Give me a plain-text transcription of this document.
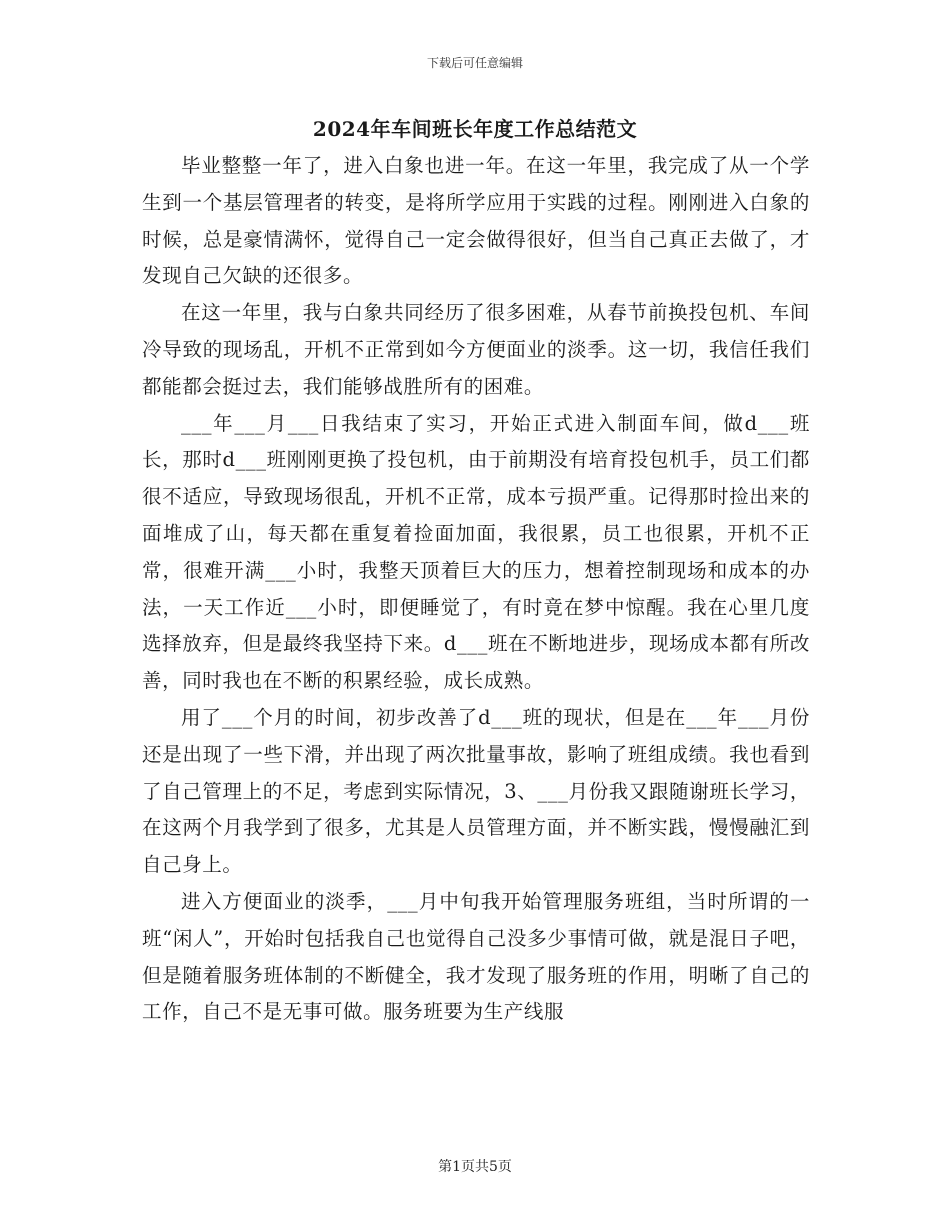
下载后可任意编辑
2024年车间班长年度工作总结范文

毕业整整一年了，进入白象也进一年。在这一年里，我完成了从一个学生到一个基层管理者的转变，是将所学应用于实践的过程。刚刚进入白象的时候，总是豪情满怀，觉得自己一定会做得很好，但当自己真正去做了，才发现自己欠缺的还很多。

在这一年里，我与白象共同经历了很多困难，从春节前换投包机、车间冷导致的现场乱，开机不正常到如今方便面业的淡季。这一切，我信任我们都能都会挺过去，我们能够战胜所有的困难。

___年___月___日我结束了实习，开始正式进入制面车间，做d___班长，那时d___班刚刚更换了投包机，由于前期没有培育投包机手，员工们都很不适应，导致现场很乱，开机不正常，成本亏损严重。记得那时捡出来的面堆成了山，每天都在重复着捡面加面，我很累，员工也很累，开机不正常，很难开满___小时，我整天顶着巨大的压力，想着控制现场和成本的办法，一天工作近___小时，即便睡觉了，有时竟在梦中惊醒。我在心里几度选择放弃，但是最终我坚持下来。d___班在不断地进步，现场成本都有所改善，同时我也在不断的积累经验，成长成熟。

用了___个月的时间，初步改善了d___班的现状，但是在___年___月份还是出现了一些下滑，并出现了两次批量事故，影响了班组成绩。我也看到了自己管理上的不足，考虑到实际情况，3、___月份我又跟随谢班长学习，在这两个月我学到了很多，尤其是人员管理方面，并不断实践，慢慢融汇到自己身上。

进入方便面业的淡季，___月中旬我开始管理服务班组，当时所谓的一班“闲人”，开始时包括我自己也觉得自己没多少事情可做，就是混日子吧，但是随着服务班体制的不断健全，我才发现了服务班的作用，明晰了自己的工作，自己不是无事可做。服务班要为生产线服

第1页共5页
